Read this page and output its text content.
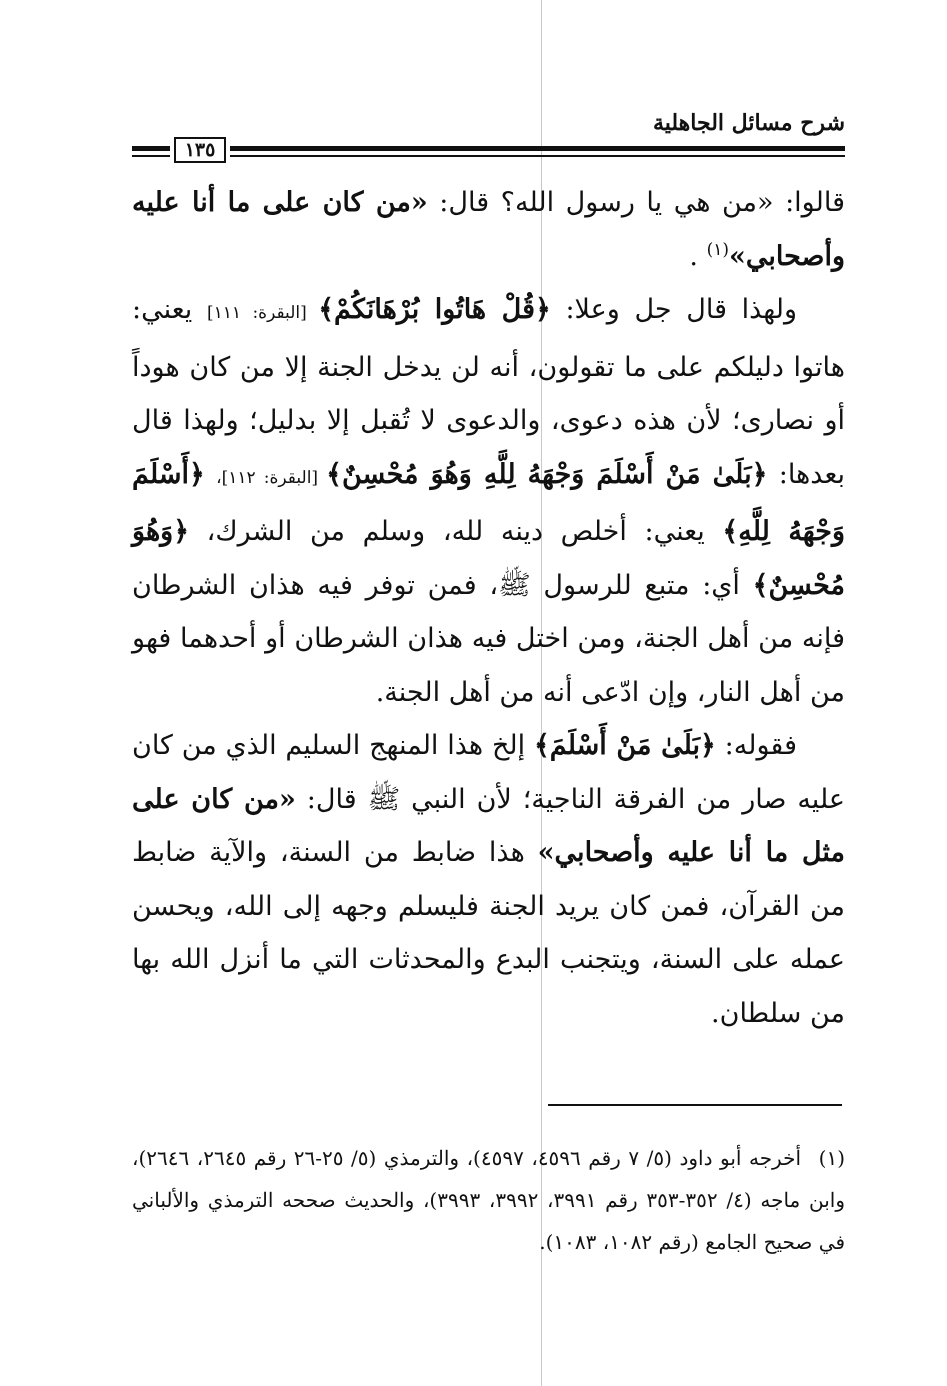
شرح مسائل الجاهلية
١٣٥

قالوا: «من هي يا رسول الله؟ قال: «من كان على ما أنا عليه وأصحابي»$^{(١)}$ .

ولهذا قال جل وعلا: ﴿قُلْ هَاتُوا بُرْهَانَكُمْ﴾ [البقرة: ١١١] يعني: هاتوا دليلكم على ما تقولون، أنه لن يدخل الجنة إلا من كان هوداً أو نصارى؛ لأن هذه دعوى، والدعوى لا تُقبل إلا بدليل؛ ولهذا قال بعدها: ﴿بَلَىٰ مَنْ أَسْلَمَ وَجْهَهُ لِلَّهِ وَهُوَ مُحْسِنٌ﴾ [البقرة: ١١٢]، ﴿أَسْلَمَ وَجْهَهُ لِلَّهِ﴾ يعني: أخلص دينه لله، وسلم من الشرك، ﴿وَهُوَ مُحْسِنٌ﴾ أي: متبع للرسول ﷺ، فمن توفر فيه هذان الشرطان فإنه من أهل الجنة، ومن اختل فيه هذان الشرطان أو أحدهما فهو من أهل النار، وإن ادّعى أنه من أهل الجنة.

فقوله: ﴿بَلَىٰ مَنْ أَسْلَمَ﴾ إلخ هذا المنهج السليم الذي من كان عليه صار من الفرقة الناجية؛ لأن النبي ﷺ قال: «من كان على مثل ما أنا عليه وأصحابي» هذا ضابط من السنة، والآية ضابط من القرآن، فمن كان يريد الجنة فليسلم وجهه إلى الله، ويحسن عمله على السنة، ويتجنب البدع والمحدثات التي ما أنزل الله بها من سلطان.

(١)أخرجه أبو داود (٥/ ٧ رقم ٤٥٩٦، ٤٥٩٧)، والترمذي (٥/ ٢٥-٢٦ رقم ٢٦٤٥، ٢٦٤٦)، وابن ماجه (٤/ ٣٥٢-٣٥٣ رقم ٣٩٩١، ٣٩٩٢، ٣٩٩٣)، والحديث صححه الترمذي والألباني في صحيح الجامع (رقم ١٠٨٢، ١٠٨٣).
